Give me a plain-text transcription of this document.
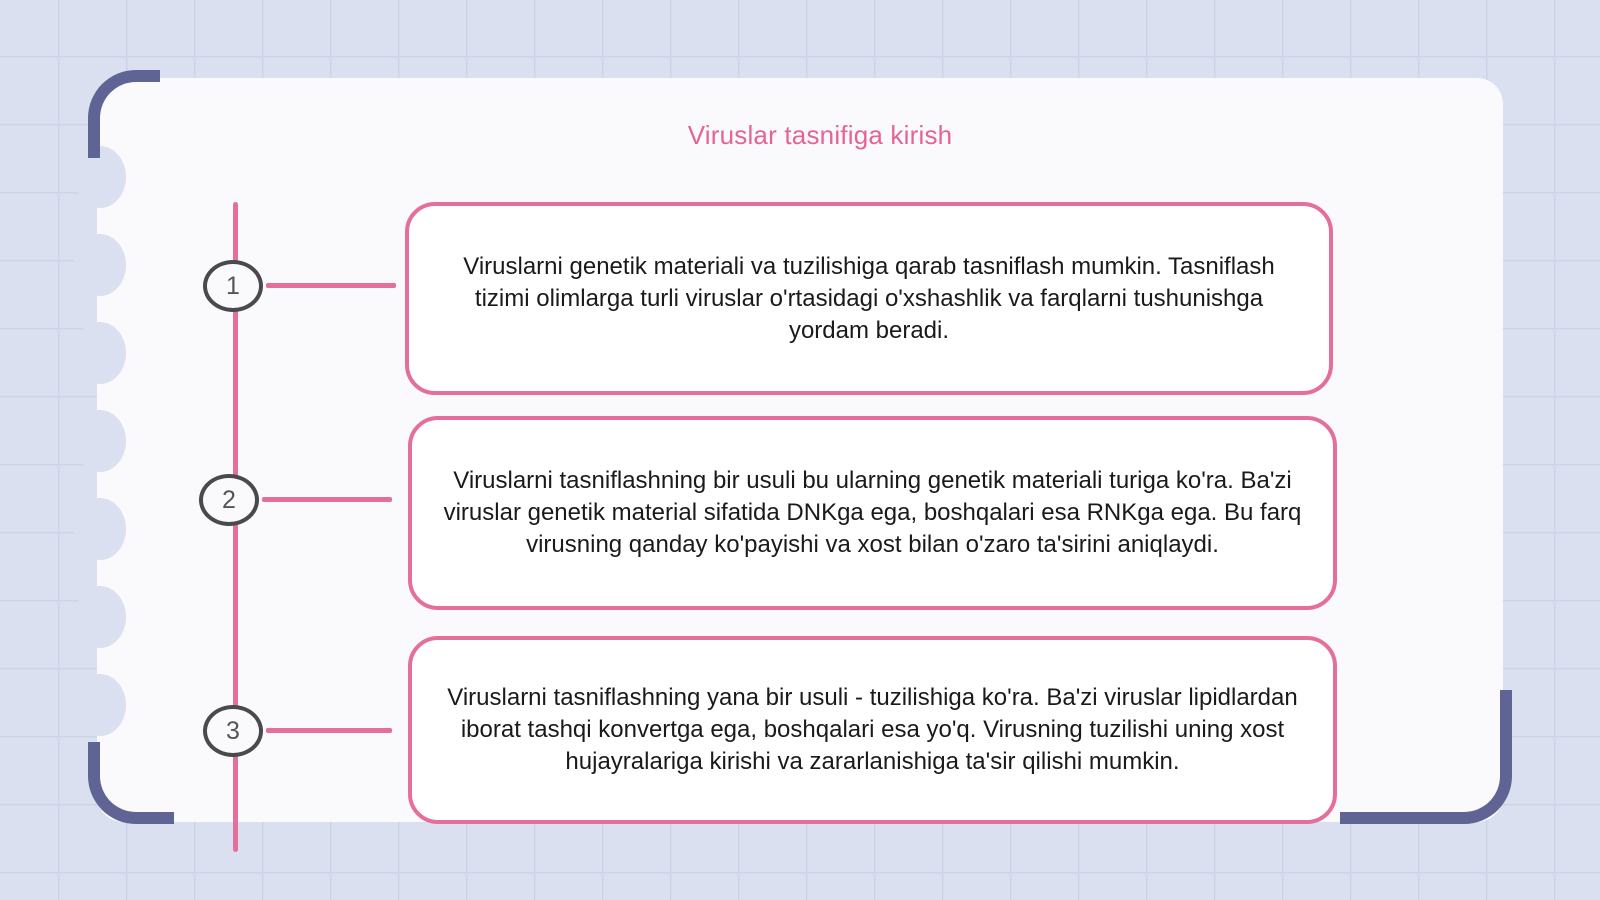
Viruslar tasnifiga kirish
1
2
3
Viruslarni genetik materiali va tuzilishiga qarab tasniflash mumkin. Tasniflash tizimi olimlarga turli viruslar o'rtasidagi o'xshashlik va farqlarni tushunishga yordam beradi.
Viruslarni tasniflashning bir usuli bu ularning genetik materiali turiga ko'ra. Ba'zi viruslar genetik material sifatida DNKga ega, boshqalari esa RNKga ega. Bu farq virusning qanday ko'payishi va xost bilan o'zaro ta'sirini aniqlaydi.
Viruslarni tasniflashning yana bir usuli - tuzilishiga ko'ra. Ba'zi viruslar lipidlardan iborat tashqi konvertga ega, boshqalari esa yo'q. Virusning tuzilishi uning xost hujayralariga kirishi va zararlanishiga ta'sir qilishi mumkin.
